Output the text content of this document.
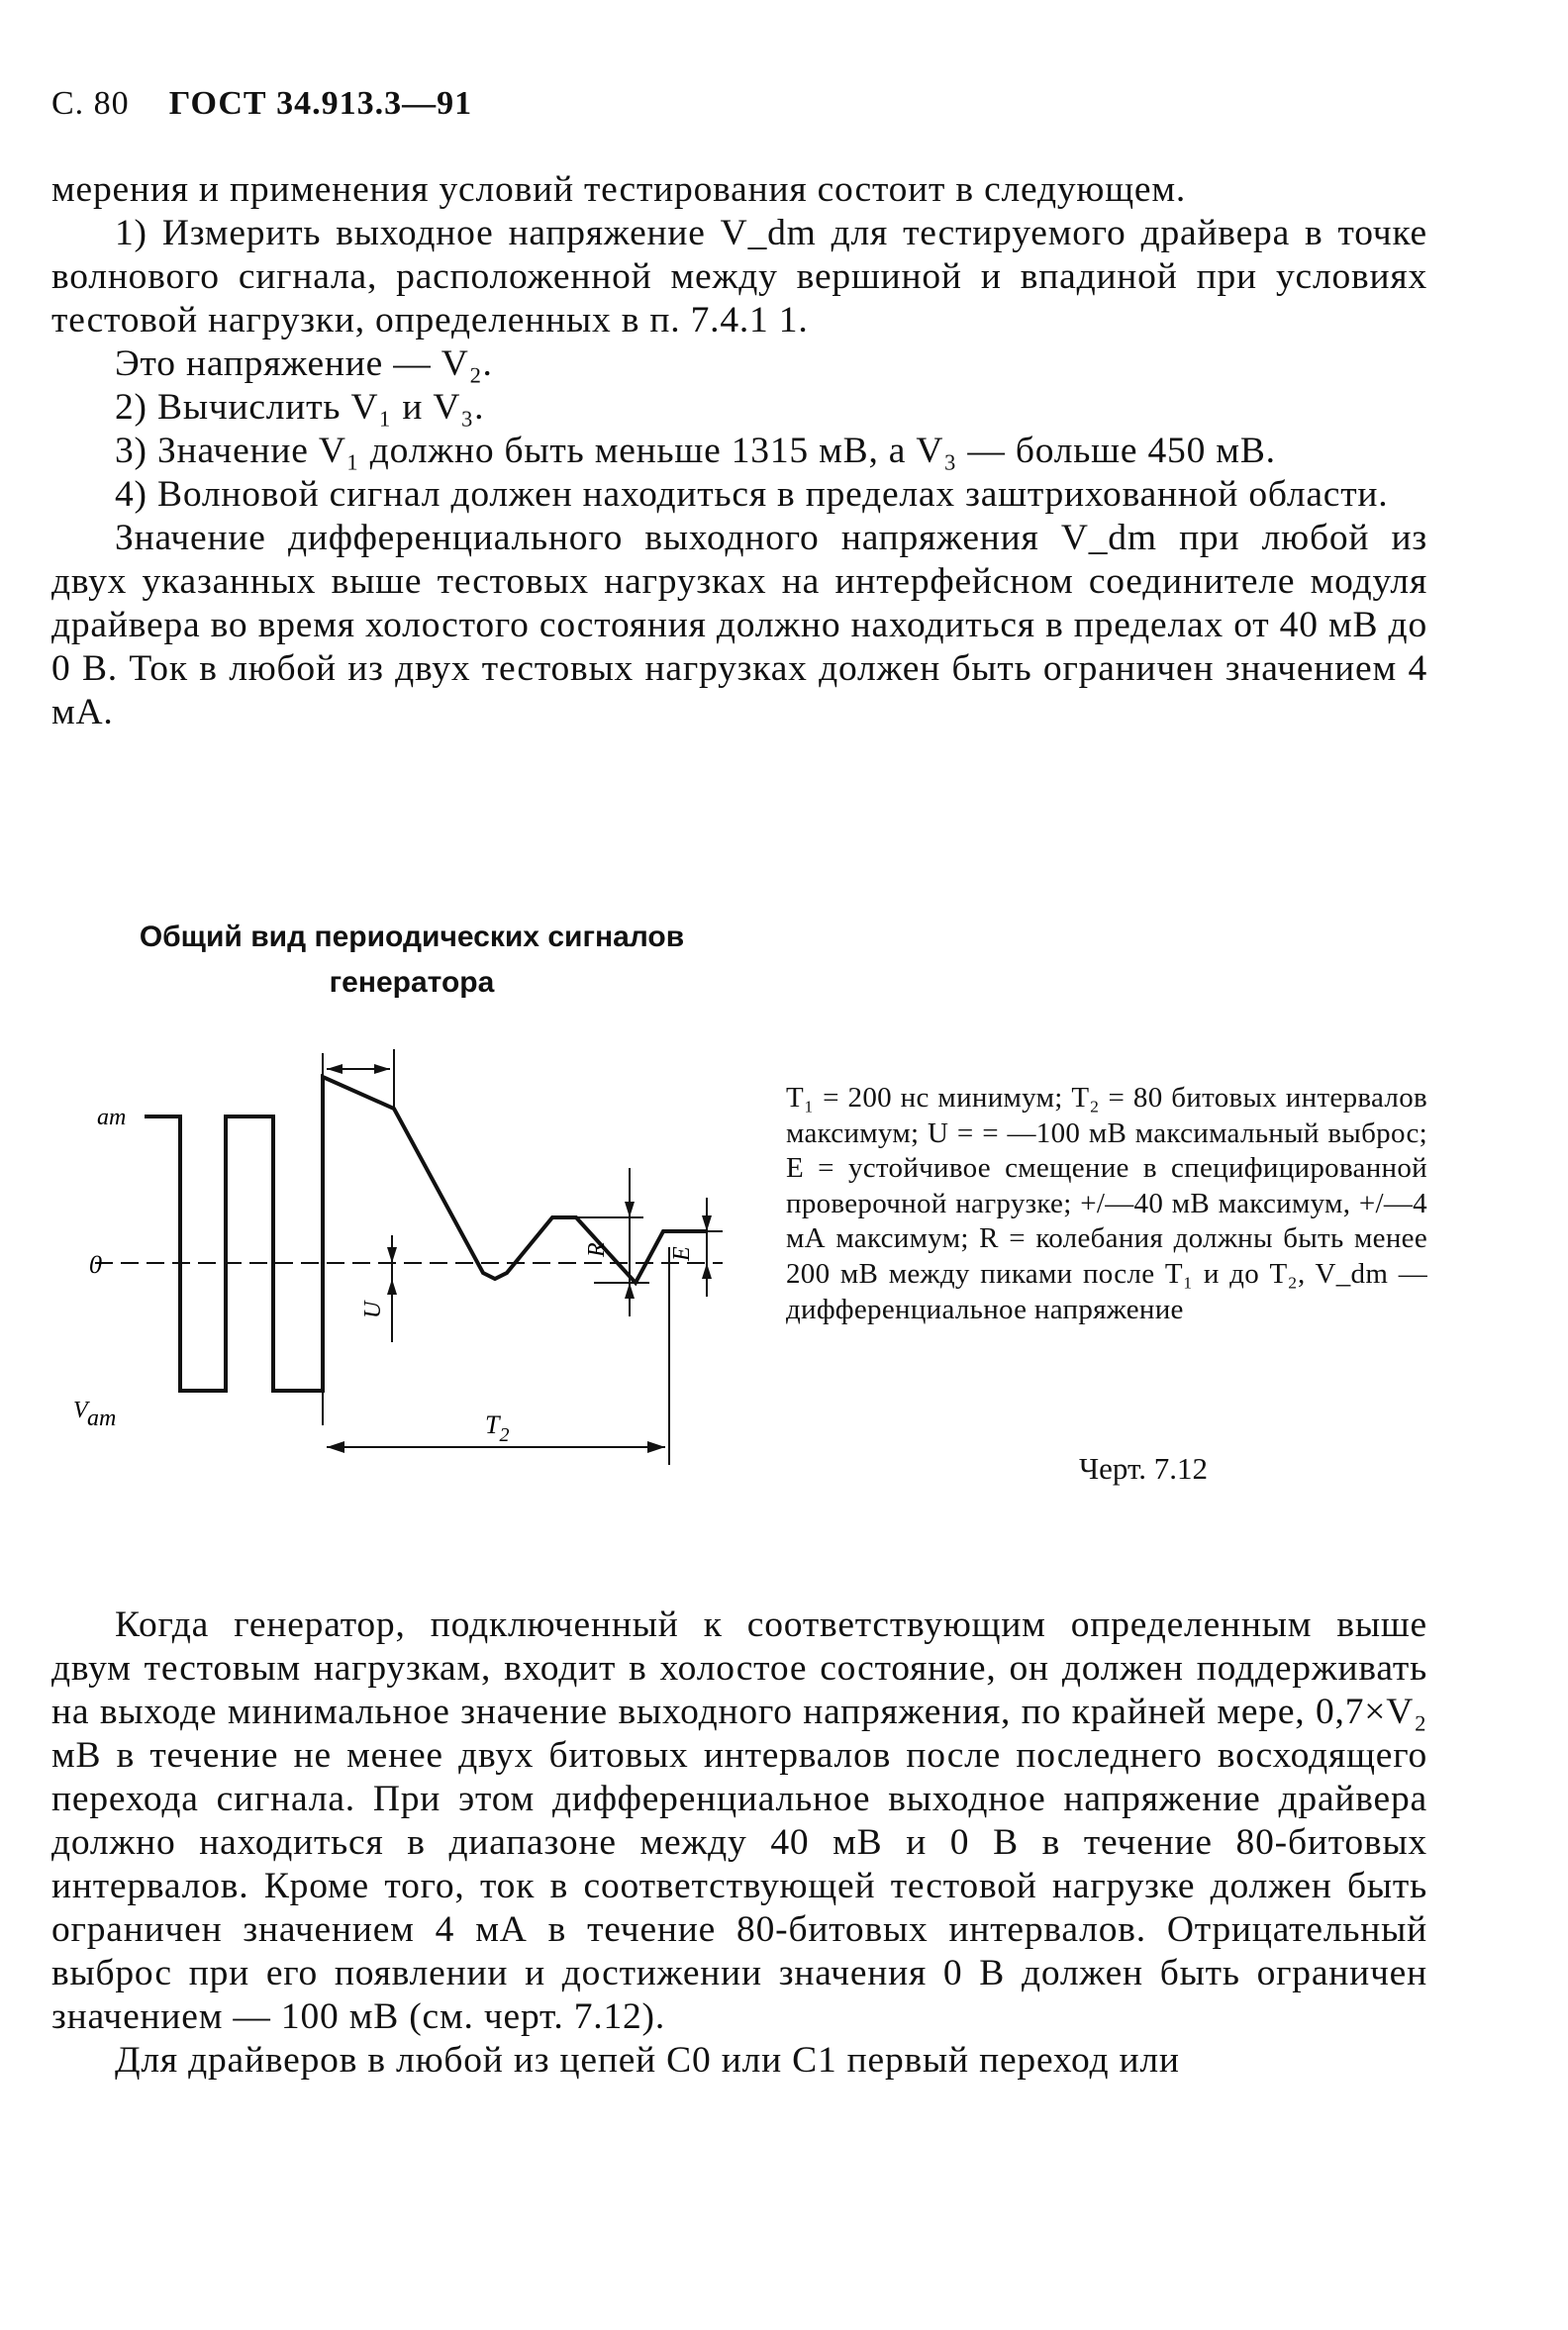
С. 80 ГОСТ 34.913.3—91

мерения и применения условий тестирования состоит в следующем.

1) Измерить выходное напряжение V_dm для тестируемого драйвера в точке волнового сигнала, расположенной между вершиной и впадиной при условиях тестовой нагрузки, определенных в п. 7.4.1 1.

Это напряжение — V₂.

2) Вычислить V₁ и V₃.

3) Значение V₁ должно быть меньше 1315 мВ, а V₃ — больше 450 мВ.

4) Волновой сигнал должен находиться в пределах заштрихованной области.

Значение дифференциального выходного напряжения V_dm при любой из двух указанных выше тестовых нагрузках на интерфейсном соединителе модуля драйвера во время холостого состояния должно находиться в пределах от 40 мВ до 0 В. Ток в любой из двух тестовых нагрузках должен быть ограничен значением 4 мА.

Общий вид периодических сигналов
генератора
am
0
Vam	$T_2$
U
R	E
T₁ = 200 нс минимум; T₂ = 80 битовых интервалов максимум; U = = —100 мВ максимальный выброс; E = устойчивое смещение в специфицированной проверочной нагрузке; +/—40 мВ максимум, +/—4 мА максимум; R = колебания должны быть менее 200 мВ между пиками после T₁ и до T₂, V_dm — дифференциальное напряжение
Черт. 7.12

Когда генератор, подключенный к соответствующим определенным выше двум тестовым нагрузкам, входит в холостое состояние, он должен поддерживать на выходе минимальное значение выходного напряжения, по крайней мере, 0,7×V₂ мВ в течение не менее двух битовых интервалов после последнего восходящего перехода сигнала. При этом дифференциальное выходное напряжение драйвера должно находиться в диапазоне между 40 мВ и 0 В в течение 80-битовых интервалов. Кроме того, ток в соответствующей тестовой нагрузке должен быть ограничен значением 4 мА в течение 80-битовых интервалов. Отрицательный выброс при его появлении и достижении значения 0 В должен быть ограничен значением — 100 мВ (см. черт. 7.12).

Для драйверов в любой из цепей C0 или C1 первый переход или
